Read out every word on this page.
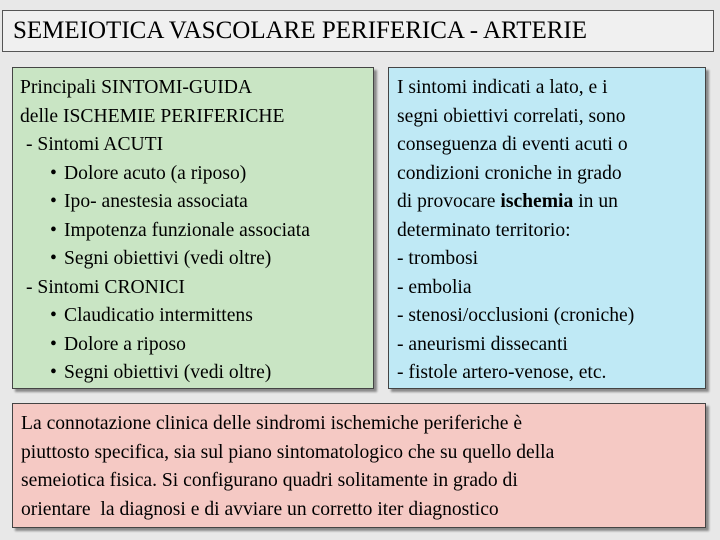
SEMEIOTICA VASCOLARE PERIFERICA - ARTERIE
Principali SINTOMI-GUIDA
delle ISCHEMIE PERIFERICHE
- Sintomi ACUTI
• Dolore acuto (a riposo)
• Ipo- anestesia associata
• Impotenza funzionale associata
• Segni obiettivi (vedi oltre)
- Sintomi CRONICI
• Claudicatio intermittens
• Dolore a riposo
• Segni obiettivi (vedi oltre)
I sintomi indicati a lato, e i
segni obiettivi correlati, sono
conseguenza di eventi acuti o
condizioni croniche in grado
di provocare ischemia in un
determinato territorio:
- trombosi
- embolia
- stenosi/occlusioni (croniche)
- aneurismi dissecanti
- fistole artero-venose, etc.
La connotazione clinica delle sindromi ischemiche periferiche è
piuttosto specifica, sia sul piano sintomatologico che su quello della
semeiotica fisica. Si configurano quadri solitamente in grado di
orientare  la diagnosi e di avviare un corretto iter diagnostico
